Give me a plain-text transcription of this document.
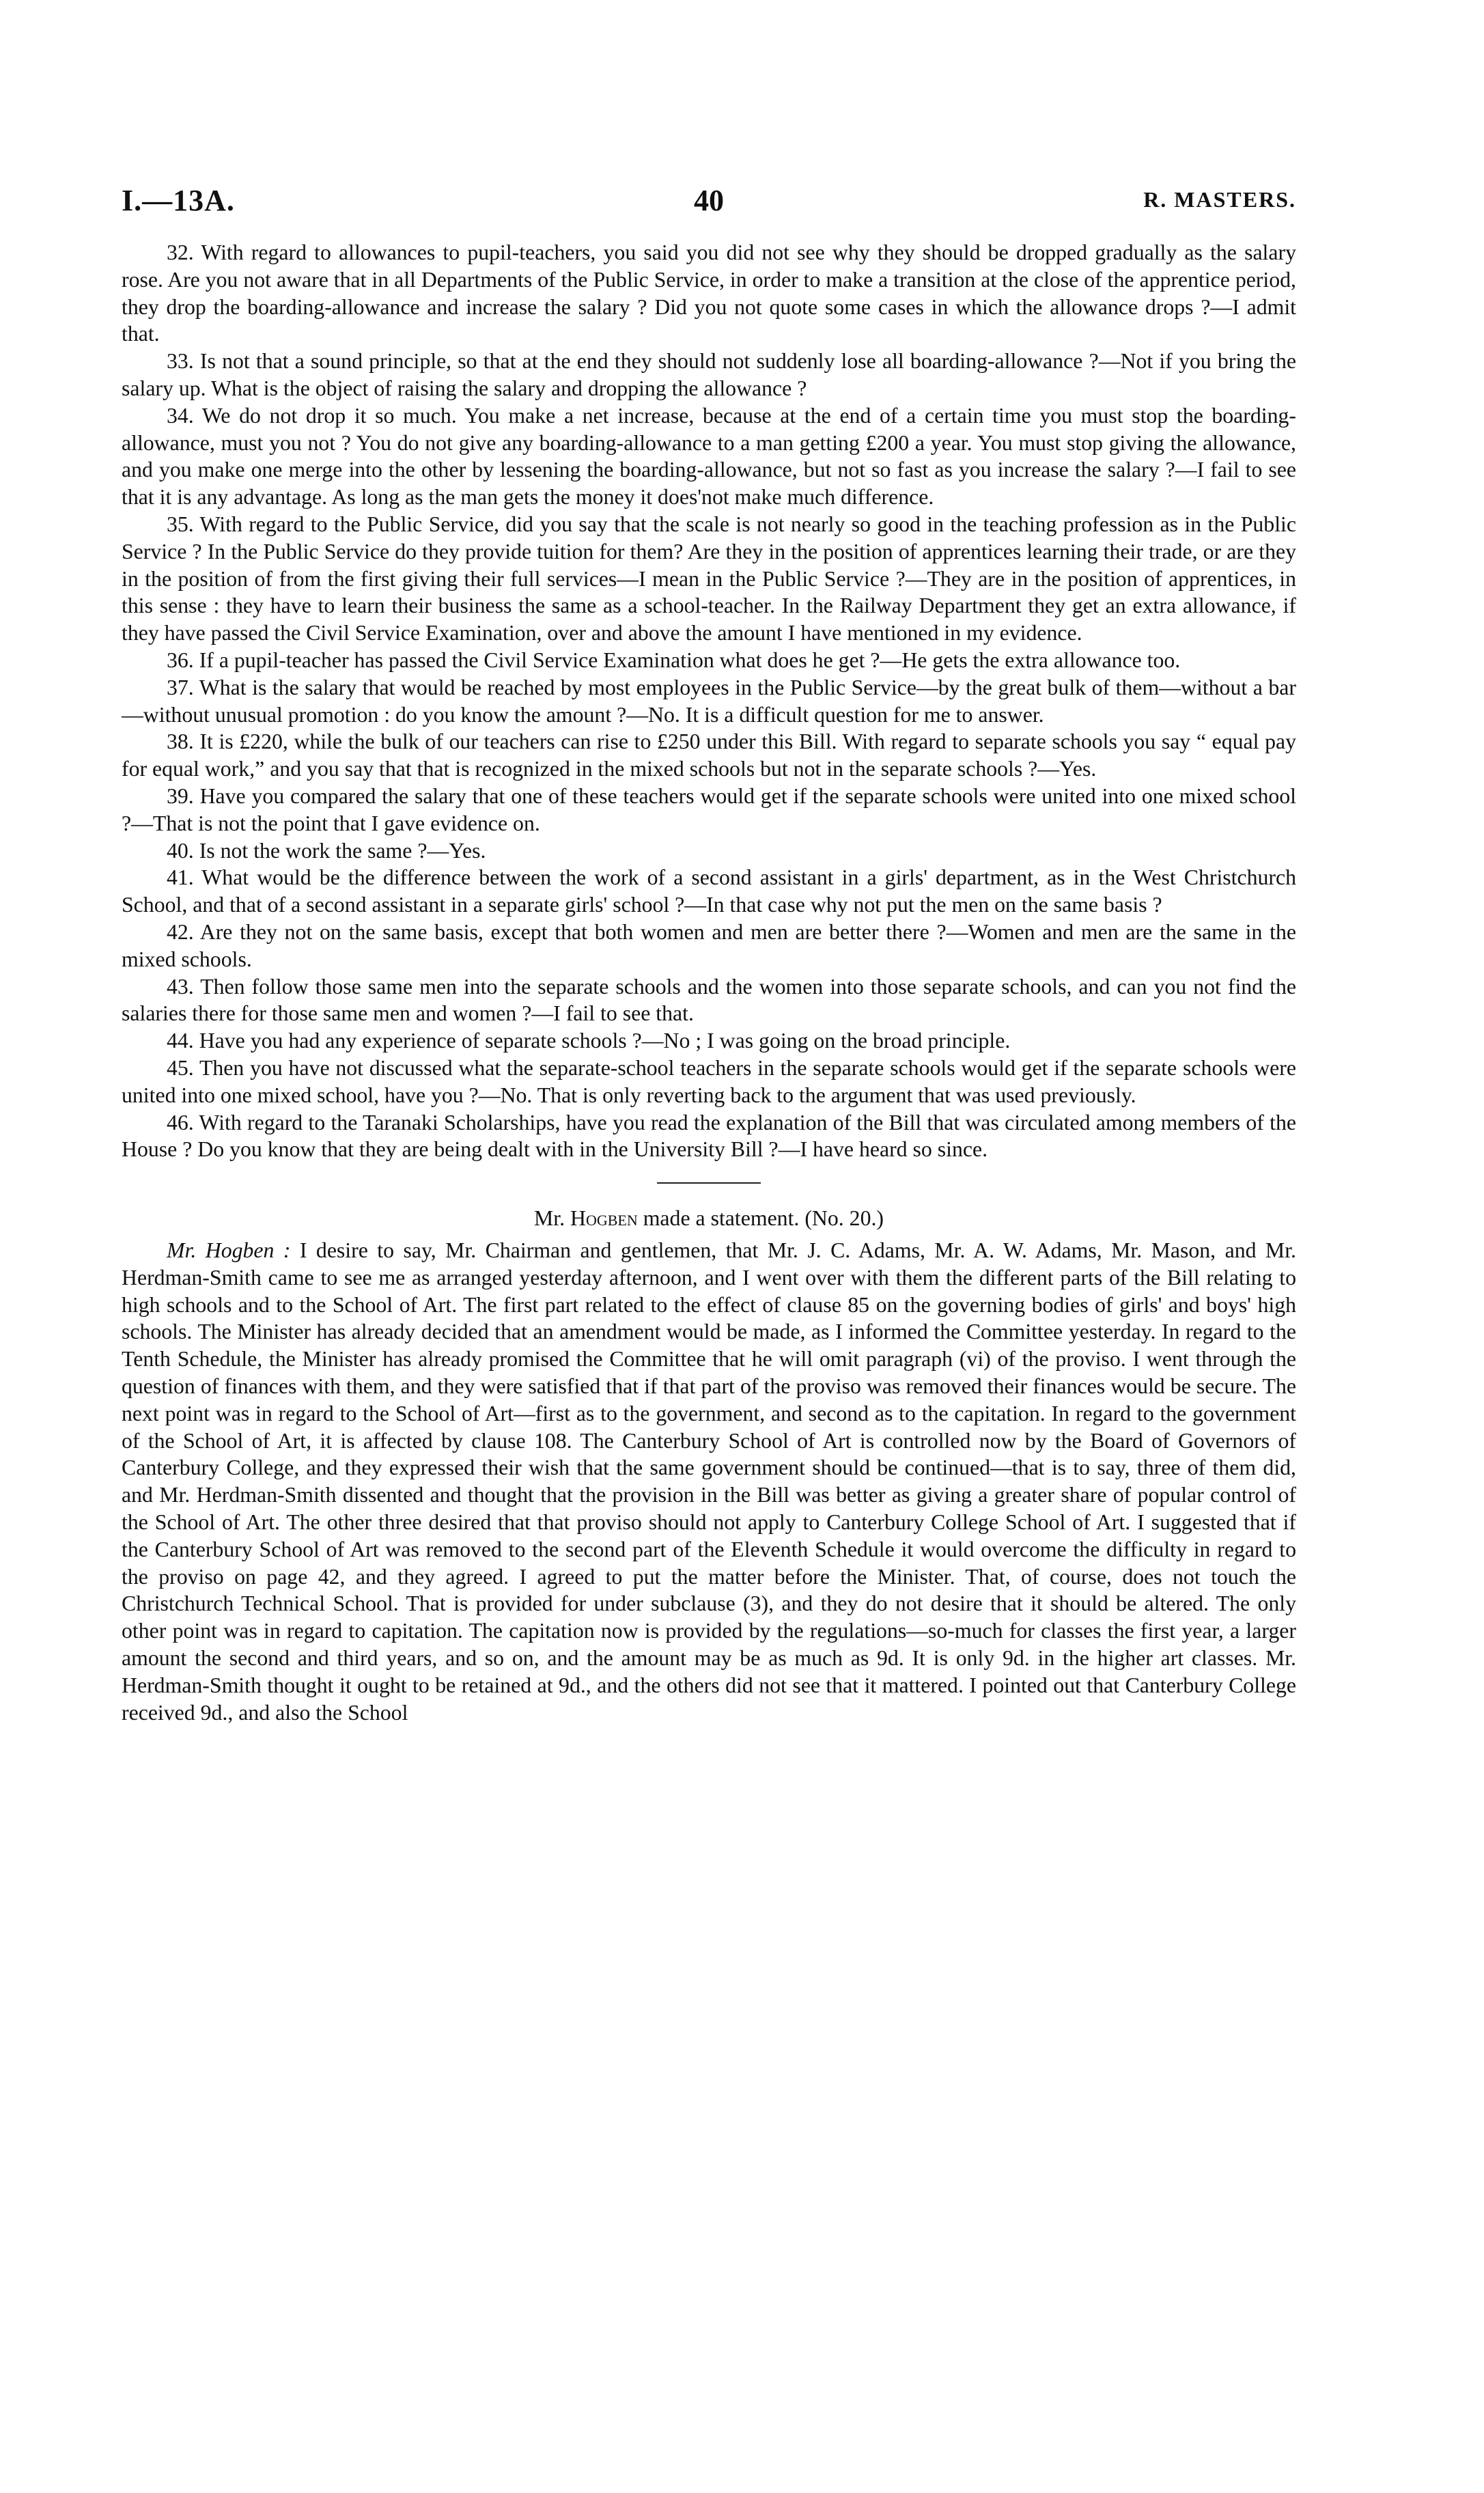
I.—13A.	40	R. MASTERS.

32. With regard to allowances to pupil-teachers, you said you did not see why they should be dropped gradually as the salary rose. Are you not aware that in all Departments of the Public Service, in order to make a transition at the close of the apprentice period, they drop the boarding-allowance and increase the salary ? Did you not quote some cases in which the allowance drops ?—I admit that.

33. Is not that a sound principle, so that at the end they should not suddenly lose all boarding-allowance ?—Not if you bring the salary up. What is the object of raising the salary and dropping the allowance ?

34. We do not drop it so much. You make a net increase, because at the end of a certain time you must stop the boarding-allowance, must you not ? You do not give any boarding-allowance to a man getting £200 a year. You must stop giving the allowance, and you make one merge into the other by lessening the boarding-allowance, but not so fast as you increase the salary ?—I fail to see that it is any advantage. As long as the man gets the money it does'not make much difference.

35. With regard to the Public Service, did you say that the scale is not nearly so good in the teaching profession as in the Public Service ? In the Public Service do they provide tuition for them? Are they in the position of apprentices learning their trade, or are they in the position of from the first giving their full services—I mean in the Public Service ?—They are in the position of apprentices, in this sense : they have to learn their business the same as a school-teacher. In the Railway Department they get an extra allowance, if they have passed the Civil Service Examination, over and above the amount I have mentioned in my evidence.

36. If a pupil-teacher has passed the Civil Service Examination what does he get ?—He gets the extra allowance too.

37. What is the salary that would be reached by most employees in the Public Service—by the great bulk of them—without a bar—without unusual promotion : do you know the amount ?—No. It is a difficult question for me to answer.

38. It is £220, while the bulk of our teachers can rise to £250 under this Bill. With regard to separate schools you say “ equal pay for equal work,” and you say that that is recognized in the mixed schools but not in the separate schools ?—Yes.

39. Have you compared the salary that one of these teachers would get if the separate schools were united into one mixed school ?—That is not the point that I gave evidence on.

40. Is not the work the same ?—Yes.

41. What would be the difference between the work of a second assistant in a girls' department, as in the West Christchurch School, and that of a second assistant in a separate girls' school ?—In that case why not put the men on the same basis ?

42. Are they not on the same basis, except that both women and men are better there ?—Women and men are the same in the mixed schools.

43. Then follow those same men into the separate schools and the women into those separate schools, and can you not find the salaries there for those same men and women ?—I fail to see that.

44. Have you had any experience of separate schools ?—No ; I was going on the broad principle.

45. Then you have not discussed what the separate-school teachers in the separate schools would get if the separate schools were united into one mixed school, have you ?—No. That is only reverting back to the argument that was used previously.

46. With regard to the Taranaki Scholarships, have you read the explanation of the Bill that was circulated among members of the House ? Do you know that they are being dealt with in the University Bill ?—I have heard so since.

Mr. Hogben made a statement. (No. 20.)

Mr. Hogben : I desire to say, Mr. Chairman and gentlemen, that Mr. J. C. Adams, Mr. A. W. Adams, Mr. Mason, and Mr. Herdman-Smith came to see me as arranged yesterday afternoon, and I went over with them the different parts of the Bill relating to high schools and to the School of Art. The first part related to the effect of clause 85 on the governing bodies of girls' and boys' high schools. The Minister has already decided that an amendment would be made, as I informed the Committee yesterday. In regard to the Tenth Schedule, the Minister has already promised the Committee that he will omit paragraph (vi) of the proviso. I went through the question of finances with them, and they were satisfied that if that part of the proviso was removed their finances would be secure. The next point was in regard to the School of Art—first as to the government, and second as to the capitation. In regard to the government of the School of Art, it is affected by clause 108. The Canterbury School of Art is controlled now by the Board of Governors of Canterbury College, and they expressed their wish that the same government should be continued—that is to say, three of them did, and Mr. Herdman-Smith dissented and thought that the provision in the Bill was better as giving a greater share of popular control of the School of Art. The other three desired that that proviso should not apply to Canterbury College School of Art. I suggested that if the Canterbury School of Art was removed to the second part of the Eleventh Schedule it would overcome the difficulty in regard to the proviso on page 42, and they agreed. I agreed to put the matter before the Minister. That, of course, does not touch the Christchurch Technical School. That is provided for under subclause (3), and they do not desire that it should be altered. The only other point was in regard to capitation. The capitation now is provided by the regulations—so-much for classes the first year, a larger amount the second and third years, and so on, and the amount may be as much as 9d. It is only 9d. in the higher art classes. Mr. Herdman-Smith thought it ought to be retained at 9d., and the others did not see that it mattered. I pointed out that Canterbury College received 9d., and also the School
